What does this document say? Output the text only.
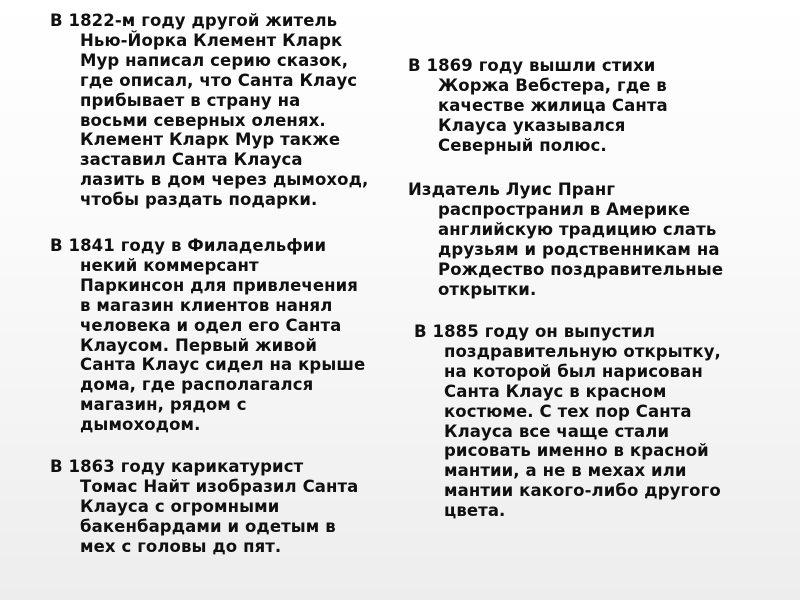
В 1822-м году другой житель
Нью-Йорка Клемент Кларк
Мур написал серию сказок,
где описал, что Санта Клаус
прибывает в страну на
восьми северных оленях.
Клемент Кларк Мур также
заставил Санта Клауса
лазить в дом через дымоход,
чтобы раздать подарки.

В 1841 году в Филадельфии
некий коммерсант
Паркинсон для привлечения
в магазин клиентов нанял
человека и одел его Санта
Клаусом. Первый живой
Санта Клаус сидел на крыше
дома, где располагался
магазин, рядом с
дымоходом.

В 1863 году карикатурист
Томас Найт изобразил Санта
Клауса с огромными
бакенбардами и одетым в
мех с головы до пят.

В 1869 году вышли стихи
Жоржа Вебстера, где в
качестве жилица Санта
Клауса указывался
Северный полюс.

Издатель Луис Пранг
распространил в Америке
английскую традицию слать
друзьям и родственникам на
Рождество поздравительные
открытки.

В 1885 году он выпустил
поздравительную открытку,
на которой был нарисован
Санта Клаус в красном
костюме. С тех пор Санта
Клауса все чаще стали
рисовать именно в красной
мантии, а не в мехах или
мантии какого-либо другого
цвета.
